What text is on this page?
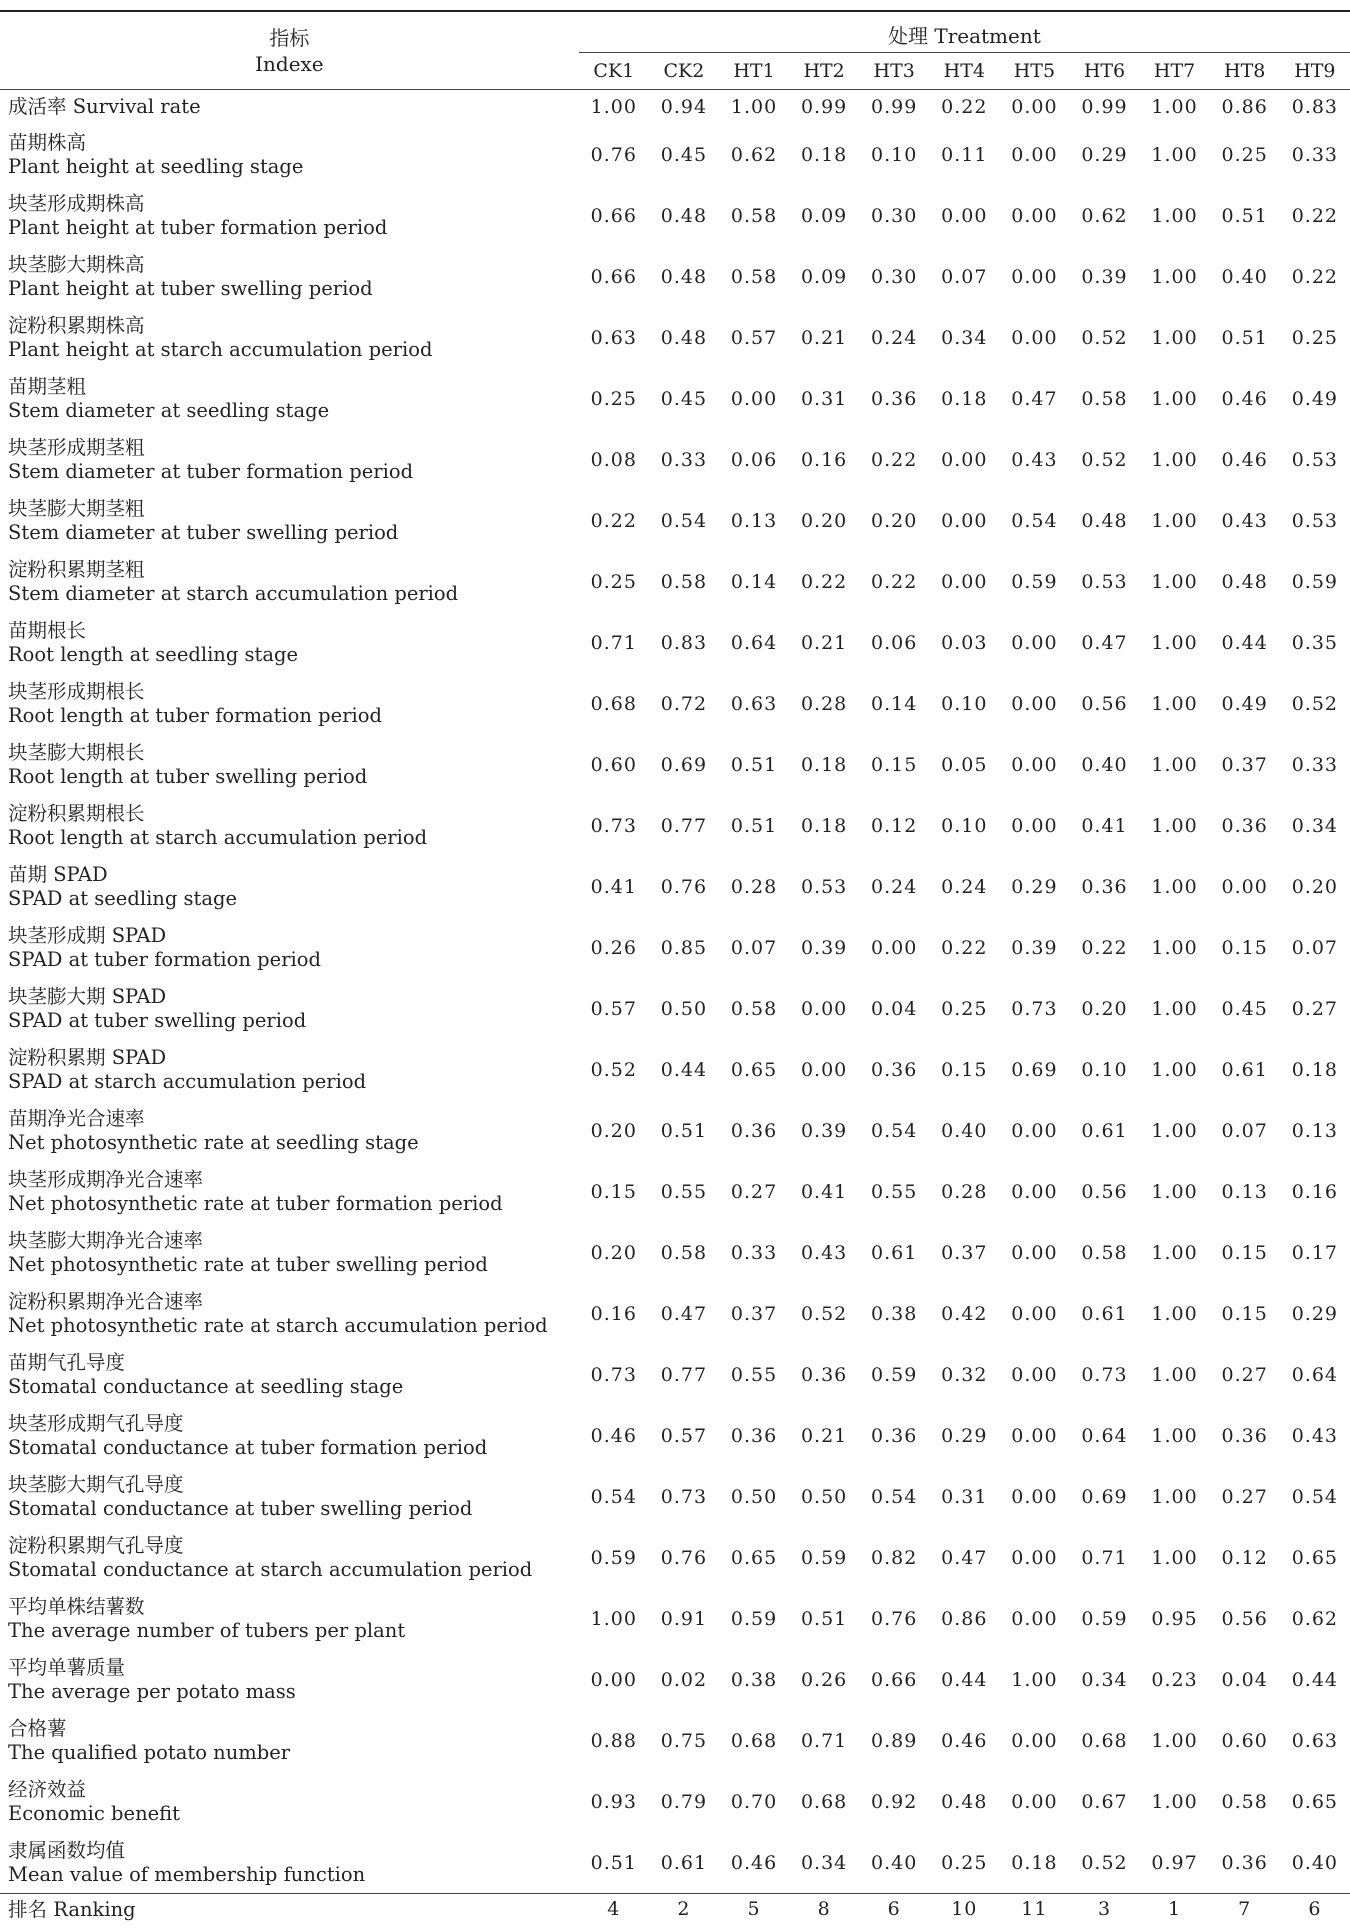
指标
Indexe	处理 Treatment										
	CK1	CK2	HT1	HT2	HT3	HT4	HT5	HT6	HT7	HT8	HT9
成活率 Survival rate	1.00	0.94	1.00	0.99	0.99	0.22	0.00	0.99	1.00	0.86	0.83

苗期株高
Plant height at seedling stage	0.76	0.45	0.62	0.18	0.10	0.11	0.00	0.29	1.00	0.25	0.33

块茎形成期株高
Plant height at tuber formation period	0.66	0.48	0.58	0.09	0.30	0.00	0.00	0.62	1.00	0.51	0.22

块茎膨大期株高
Plant height at tuber swelling period	0.66	0.48	0.58	0.09	0.30	0.07	0.00	0.39	1.00	0.40	0.22

淀粉积累期株高
Plant height at starch accumulation period	0.63	0.48	0.57	0.21	0.24	0.34	0.00	0.52	1.00	0.51	0.25

苗期茎粗
Stem diameter at seedling stage	0.25	0.45	0.00	0.31	0.36	0.18	0.47	0.58	1.00	0.46	0.49

块茎形成期茎粗
Stem diameter at tuber formation period	0.08	0.33	0.06	0.16	0.22	0.00	0.43	0.52	1.00	0.46	0.53

块茎膨大期茎粗
Stem diameter at tuber swelling period	0.22	0.54	0.13	0.20	0.20	0.00	0.54	0.48	1.00	0.43	0.53

淀粉积累期茎粗
Stem diameter at starch accumulation period	0.25	0.58	0.14	0.22	0.22	0.00	0.59	0.53	1.00	0.48	0.59

苗期根长
Root length at seedling stage	0.71	0.83	0.64	0.21	0.06	0.03	0.00	0.47	1.00	0.44	0.35

块茎形成期根长
Root length at tuber formation period	0.68	0.72	0.63	0.28	0.14	0.10	0.00	0.56	1.00	0.49	0.52

块茎膨大期根长
Root length at tuber swelling period	0.60	0.69	0.51	0.18	0.15	0.05	0.00	0.40	1.00	0.37	0.33

淀粉积累期根长
Root length at starch accumulation period	0.73	0.77	0.51	0.18	0.12	0.10	0.00	0.41	1.00	0.36	0.34

苗期 SPAD
SPAD at seedling stage	0.41	0.76	0.28	0.53	0.24	0.24	0.29	0.36	1.00	0.00	0.20

块茎形成期 SPAD
SPAD at tuber formation period	0.26	0.85	0.07	0.39	0.00	0.22	0.39	0.22	1.00	0.15	0.07

块茎膨大期 SPAD
SPAD at tuber swelling period	0.57	0.50	0.58	0.00	0.04	0.25	0.73	0.20	1.00	0.45	0.27

淀粉积累期 SPAD
SPAD at starch accumulation period	0.52	0.44	0.65	0.00	0.36	0.15	0.69	0.10	1.00	0.61	0.18

苗期净光合速率
Net photosynthetic rate at seedling stage	0.20	0.51	0.36	0.39	0.54	0.40	0.00	0.61	1.00	0.07	0.13

块茎形成期净光合速率
Net photosynthetic rate at tuber formation period	0.15	0.55	0.27	0.41	0.55	0.28	0.00	0.56	1.00	0.13	0.16

块茎膨大期净光合速率
Net photosynthetic rate at tuber swelling period	0.20	0.58	0.33	0.43	0.61	0.37	0.00	0.58	1.00	0.15	0.17

淀粉积累期净光合速率
Net photosynthetic rate at starch accumulation period	0.16	0.47	0.37	0.52	0.38	0.42	0.00	0.61	1.00	0.15	0.29

苗期气孔导度
Stomatal conductance at seedling stage	0.73	0.77	0.55	0.36	0.59	0.32	0.00	0.73	1.00	0.27	0.64

块茎形成期气孔导度
Stomatal conductance at tuber formation period	0.46	0.57	0.36	0.21	0.36	0.29	0.00	0.64	1.00	0.36	0.43

块茎膨大期气孔导度
Stomatal conductance at tuber swelling period	0.54	0.73	0.50	0.50	0.54	0.31	0.00	0.69	1.00	0.27	0.54

淀粉积累期气孔导度
Stomatal conductance at starch accumulation period	0.59	0.76	0.65	0.59	0.82	0.47	0.00	0.71	1.00	0.12	0.65

平均单株结薯数
The average number of tubers per plant	1.00	0.91	0.59	0.51	0.76	0.86	0.00	0.59	0.95	0.56	0.62

平均单薯质量
The average per potato mass	0.00	0.02	0.38	0.26	0.66	0.44	1.00	0.34	0.23	0.04	0.44

合格薯
The qualified potato number	0.88	0.75	0.68	0.71	0.89	0.46	0.00	0.68	1.00	0.60	0.63

经济效益
Economic benefit	0.93	0.79	0.70	0.68	0.92	0.48	0.00	0.67	1.00	0.58	0.65

隶属函数均值
Mean value of membership function	0.51	0.61	0.46	0.34	0.40	0.25	0.18	0.52	0.97	0.36	0.40
排名 Ranking	4	2	5	8	6	10	11	3	1	7	6
